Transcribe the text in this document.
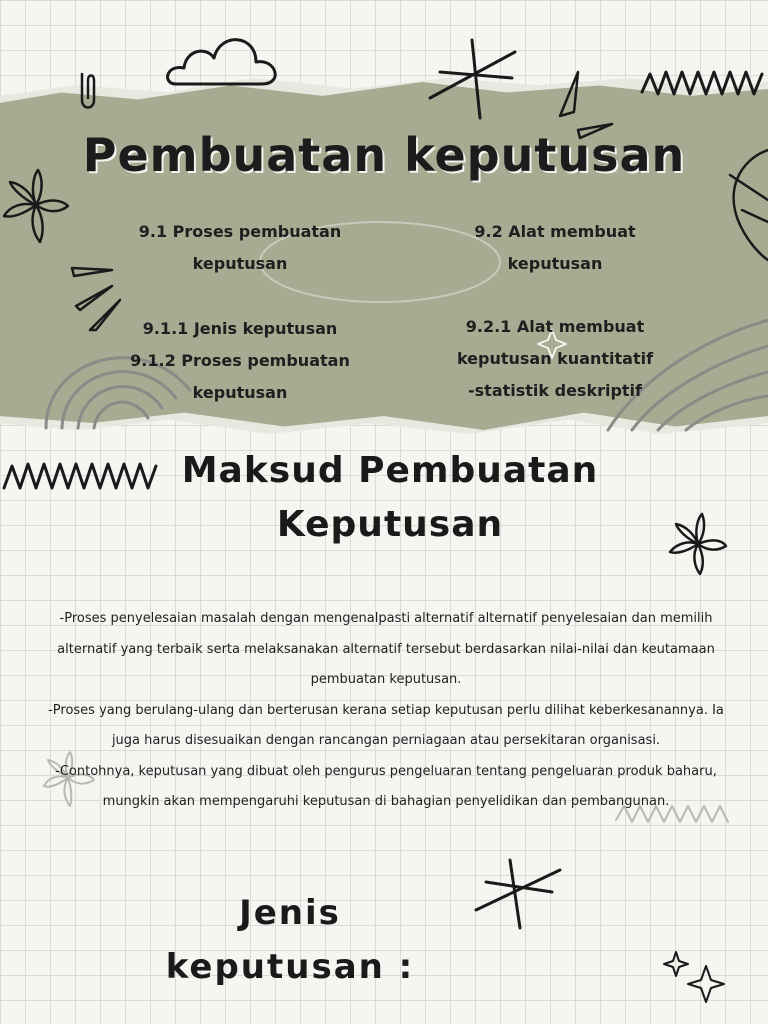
Pembuatan keputusan
9.1 Proses pembuatan
keputusan
9.2 Alat membuat
keputusan
9.1.1 Jenis keputusan
9.1.2 Proses pembuatan
keputusan
9.2.1 Alat membuat
keputusan kuantitatif
-statistik deskriptif
Maksud Pembuatan
Keputusan

-Proses penyelesaian masalah dengan mengenalpasti alternatif alternatif penyelesaian dan memilih alternatif yang terbaik serta melaksanakan alternatif tersebut berdasarkan nilai-nilai dan keutamaan pembuatan keputusan.

-Proses yang berulang-ulang dan berterusan kerana setiap keputusan perlu dilihat keberkesanannya. Ia juga harus disesuaikan dengan rancangan perniagaan atau persekitaran organisasi.

-Contohnya, keputusan yang dibuat oleh pengurus pengeluaran tentang pengeluaran produk baharu, mungkin akan mempengaruhi keputusan di bahagian penyelidikan dan pembangunan.

Jenis
keputusan :
